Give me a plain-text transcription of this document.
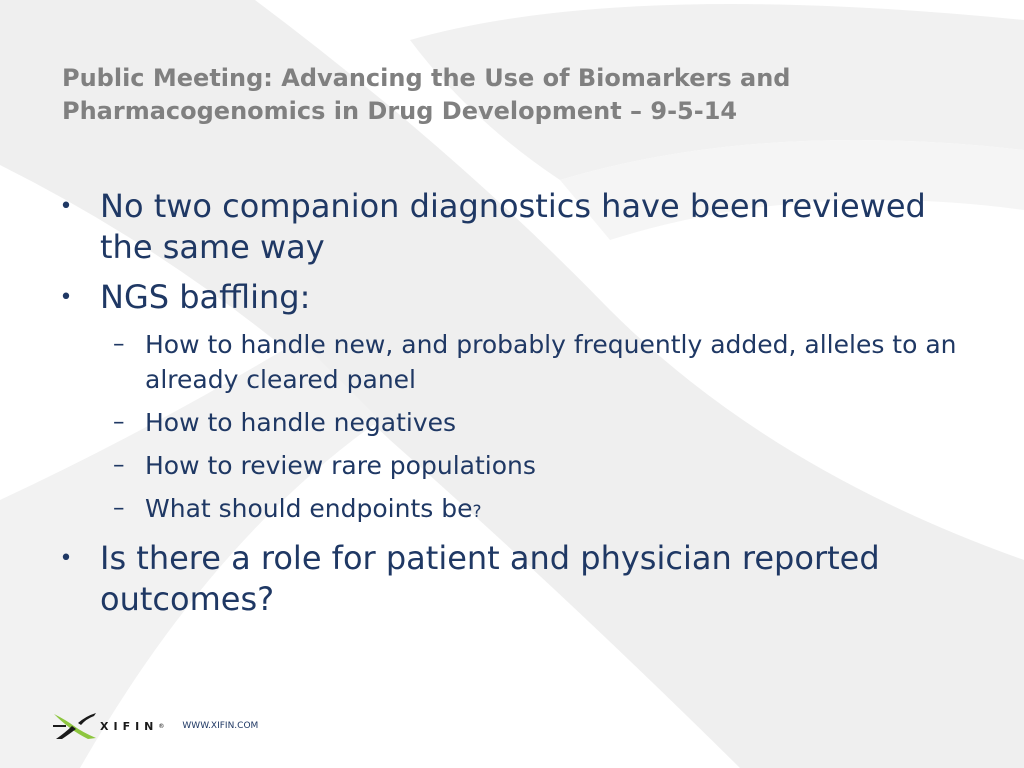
Public Meeting: Advancing the Use of Biomarkers and Pharmacogenomics in Drug Development – 9-5-14
• No two companion diagnostics have been reviewed the same way
• NGS baffling:
– How to handle new, and probably frequently added, alleles to an already cleared panel
– How to handle negatives
– How to review rare populations
– What should endpoints be?
• Is there a role for patient and physician reported outcomes?
XIFIN ® WWW.XIFIN.COM
